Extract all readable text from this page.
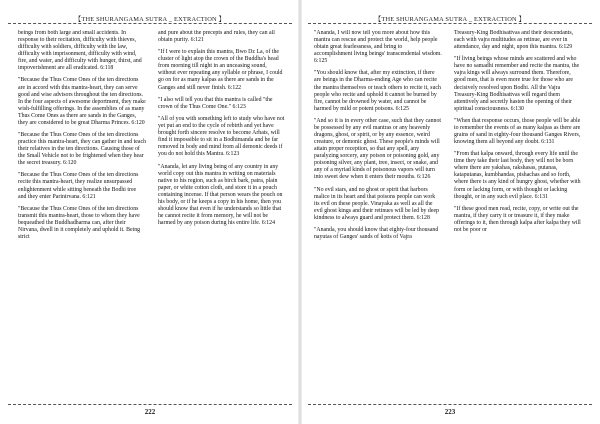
【THE SHURANGAMA SUTRA _ EXTRACTION 】

beings from both large and small accidents. In response to their recitation, difficulty with thieves, difficulty with soldiers, difficulty with the law, difficulty with imprisonment, difficulty with wind, fire, and water, and difficulty with hunger, thirst, and impoverishment are all eradicated. 6:118

"Because the Thus Come Ones of the ten directions are in accord with this mantra-heart, they can serve good and wise advisors throughout the ten directions. In the four aspects of awesome deportment, they make wish-fulfilling offerings. In the assemblies of as many Thus Come Ones as there are sands in the Ganges, they are considered to be great Dharma Princes. 6:120

"Because the Thus Come Ones of the ten directions practice this mantra-heart, they can gather in and teach their relatives in the ten directions. Causing those of the Small Vehicle not to be frightened when they hear the secret treasury. 6:120

"Because the Thus Come Ones of the ten directions recite this mantra-heart, they realize unsurpassed enlightenment while sitting beneath the Bodhi tree and they enter Parinirvana. 6:121

"Because the Thus Come Ones of the ten directions transmit this mantra-heart, those to whom they have bequeathed the Buddhadharma can, after their Nirvana, dwell in it completely and uphold it. Being strict

and pure about the precepts and rules, they can all obtain purity. 6:121

"If I were to explain this mantra, Bwo Dz La, of the cluster of light atop the crown of the Buddha's head from morning till night in an unceasing sound, without ever repeating any syllable or phrase, I could go on for as many kalpas as there are sands in the Ganges and still never finish. 6:122

"I also will tell you that this mantra is called "the crown of the Thus Come One." 6:123

"All of you with something left to study who have not yet put an end to the cycle of rebirth and yet have brought forth sincere resolve to become Arhats, will find it impossible to sit in a Bodhimanda and be far removed in body and mind from all demonic deeds if you do not hold this Mantra. 6:123

"Ananda, let any living being of any country in any world copy out this mantra in writing on materials native to his region, such as birch bark, patra, plain paper, or white cotton cloth, and store it in a pouch containing incense. If that person wears the pouch on his body, or if he keeps a copy in his home, then you should know that even if he understands so little that he cannot recite it from memory, he will not be harmed by any poison during his entire life. 6:124

222
【THE SHURANGAMA SUTRA _ EXTRACTION 】

"Ananda, I will now tell you more about how this mantra can rescue and protect the world, help people obtain great fearlessness, and bring to accomplishment living beings' transcendental wisdom. 6:125

"You should know that, after my extinction, if there are beings in the Dharma-ending Age who can recite the mantra themselves or teach others to recite it, such people who recite and uphold it cannot be burned by fire, cannot be drowned by water, and cannot be harmed by mild or potent poisons. 6:125

"And so it is in every other case, such that they cannot be possessed by any evil mantras or any heavenly dragons, ghost, or spirit, or by any essence, weird creature, or demonic ghost. These people's minds will attain proper reception, so that any spell, any paralyzing sorcery, any poison or poisoning gold, any poisoning silver, any plant, tree, insect, or snake, and any of a myriad kinds of poisonous vapors will turn into sweet dew when it enters their mouths. 6:126

"No evil stars, and no ghost or spirit that harbors malice in its heart and that poisons people can work its evil on these people. Vinayaka as well as all the evil ghost kings and their retinues will be led by deep kindness to always guard and protect them. 6:128

"Ananda, you should know that eighty-four thousand nayutas of Ganges' sands of kotis of Vajra

Treasury-King Bodhisattvas and their descendants, each with vajra multitudes as retinue, are ever in attendance, day and night, upon this mantra. 6:129

"If living beings whose minds are scattered and who have no samadhi remember and recite the mantra, the vajra kings will always surround them. Therefore, good men, that is even more true for those who are decisively resolved upon Bodhi. All the Vajra Treasury-King Bodhisattvas will regard them attentively and secretly hasten the opening of their spiritual consciousness. 6:130

"When that response occurs, those people will be able to remember the events of as many kalpas as there are grains of sand in eighty-four thousand Ganges Rivers, knowing them all beyond any doubt. 6:131

"From that kalpa onward, through every life until the time they take their last body, they will not be born where there are yakshas, rakshasas, putanas, kataputanas, kumbhandas, pishachas and so forth, where there is any kind of hungry ghost, whether with form or lacking form, or with thought or lacking thought, or in any such evil place. 6:131

"If these good men read, recite, copy, or write out the mantra, if they carry it or treasure it, if they make offerings to it, then through kalpa after kalpa they will not be poor or

223
